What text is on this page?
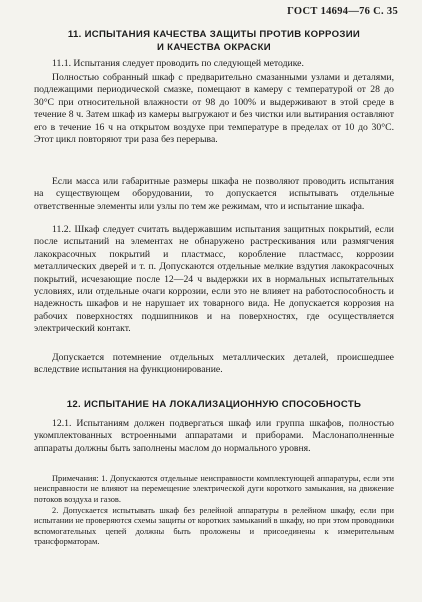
ГОСТ 14694—76 С. 35
11. ИСПЫТАНИЯ КАЧЕСТВА ЗАЩИТЫ ПРОТИВ КОРРОЗИИ
И КАЧЕСТВА ОКРАСКИ

11.1. Испытания следует проводить по следующей методике.

Полностью собранный шкаф с предварительно смазанными узлами и деталями, подлежащими периодической смазке, помещают в камеру с температурой от 28 до 30°С при относительной влажности от 98 до 100% и выдерживают в этой среде в течение 8 ч. Затем шкаф из камеры выгружают и без чистки или вытирания оставляют его в течение 16 ч на открытом воздухе при температуре в пределах от 10 до 30°С. Этот цикл повторяют три раза без перерыва.

Если масса или габаритные размеры шкафа не позволяют проводить испытания на существующем оборудовании, то допускается испытывать отдельные ответственные элементы или узлы по тем же режимам, что и испытание шкафа.

11.2. Шкаф следует считать выдержавшим испытания защитных покрытий, если после испытаний на элементах не обнаружено растрескивания или размягчения лакокрасочных покрытий и пластмасс, коробление пластмасс, коррозии металлических дверей и т. п. Допускаются отдельные мелкие вздутия лакокрасочных покрытий, исчезающие после 12—24 ч выдержки их в нормальных испытательных условиях, или отдельные очаги коррозии, если это не влияет на работоспособность и надежность шкафов и не нарушает их товарного вида. Не допускается коррозия на рабочих поверхностях подшипников и на поверхностях, где осуществляется электрический контакт.

Допускается потемнение отдельных металлических деталей, происшедшее вследствие испытания на функционирование.

12. ИСПЫТАНИЕ НА ЛОКАЛИЗАЦИОННУЮ СПОСОБНОСТЬ

12.1. Испытаниям должен подвергаться шкаф или группа шкафов, полностью укомплектованных встроенными аппаратами и приборами. Маслонаполненные аппараты должны быть заполнены маслом до нормального уровня.

Примечания: 1. Допускаются отдельные неисправности комплектующей аппаратуры, если эти неисправности не влияют на перемещение электрической дуги короткого замыкания, на движение потоков воздуха и газов.

2. Допускается испытывать шкаф без релейной аппаратуры в релейном шкафу, если при испытании не проверяются схемы защиты от коротких замыканий в шкафу, но при этом проводники вспомогательных цепей должны быть проложены и присоединены к измерительным трансформаторам.
